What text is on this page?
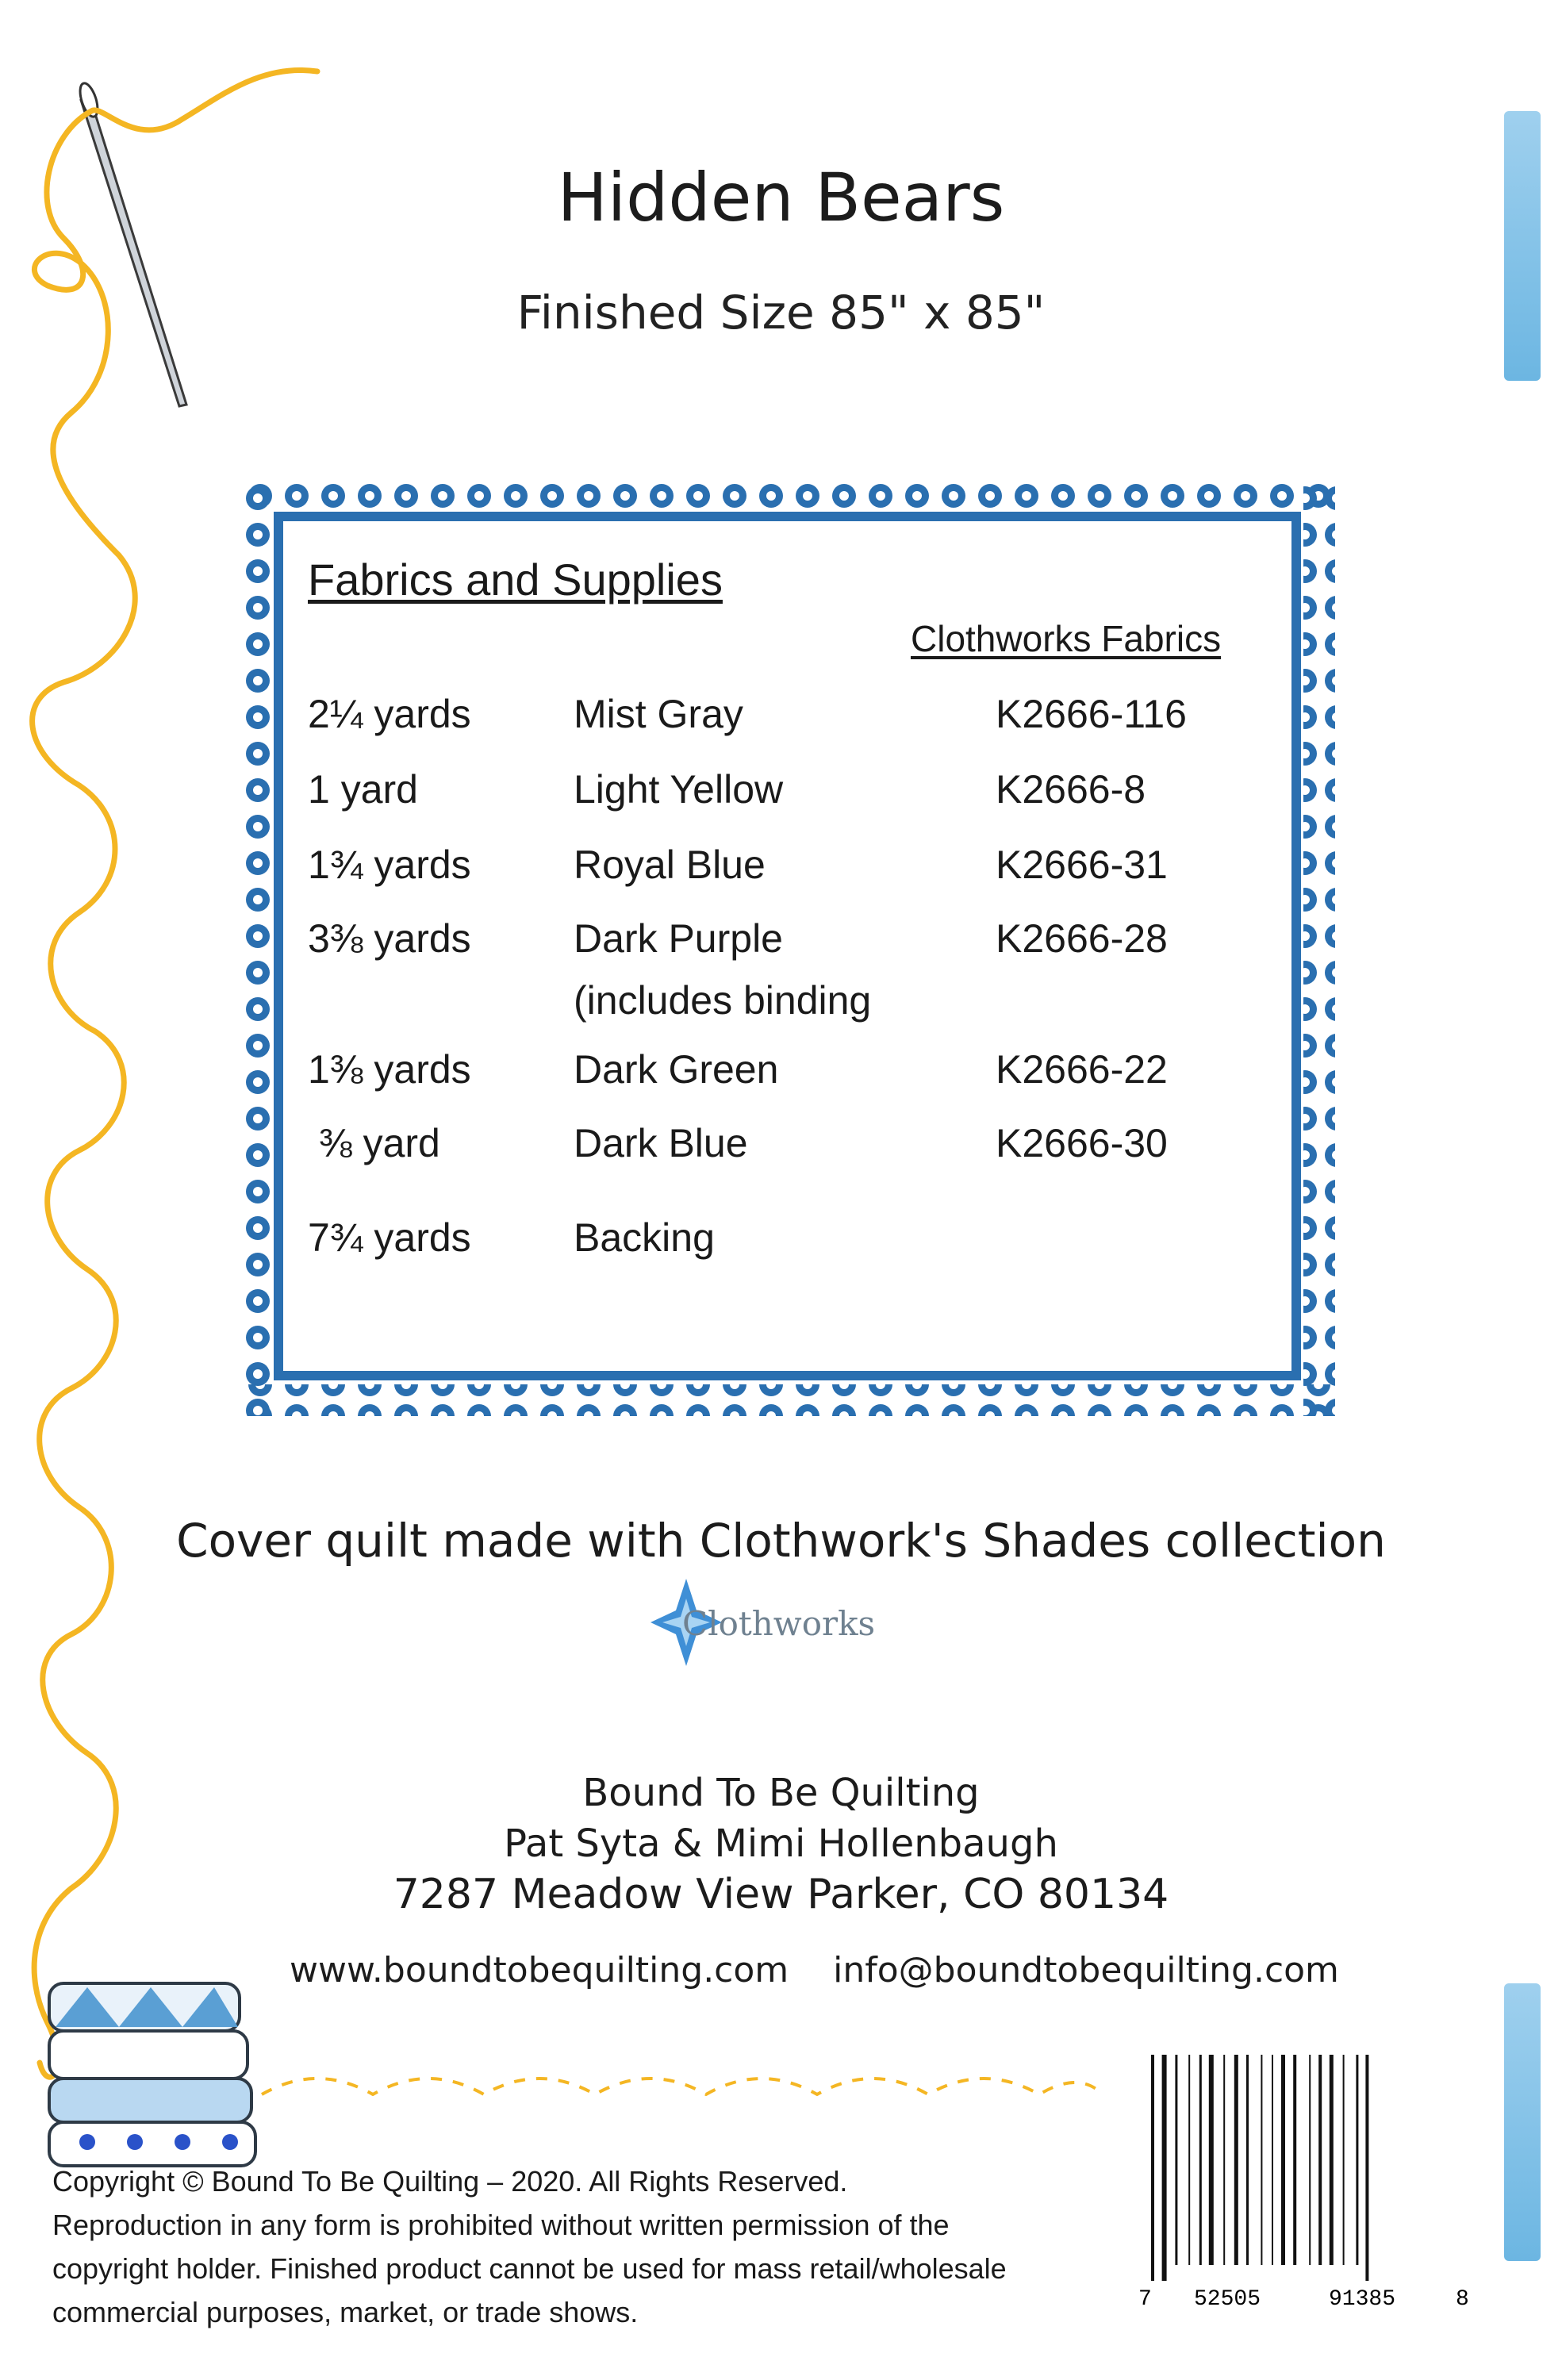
Hidden Bears
Finished Size 85" x 85"
Fabrics and Supplies
Clothworks Fabrics
2¼ yards	Mist Gray	K2666-116
1 yard	Light Yellow	K2666-8
1¾ yards	Royal Blue	K2666-31
3⅜ yards	Dark Purple	K2666-28
(includes binding
1⅜ yards	Dark Green	K2666-22
⅜ yard	Dark Blue	K2666-30
7¾ yards	Backing
Cover quilt made with Clothwork's Shades collection
Clothworks
Bound To Be Quilting
Pat Syta & Mimi Hollenbaugh
7287 Meadow View Parker, CO 80134
www.boundtobequilting.com info@boundtobequilting.com
7 52505	91385	8
Copyright © Bound To Be Quilting – 2020. All Rights Reserved.
Reproduction in any form is prohibited without written permission of the
copyright holder. Finished product cannot be used for mass retail/wholesale
commercial purposes, market, or trade shows.
